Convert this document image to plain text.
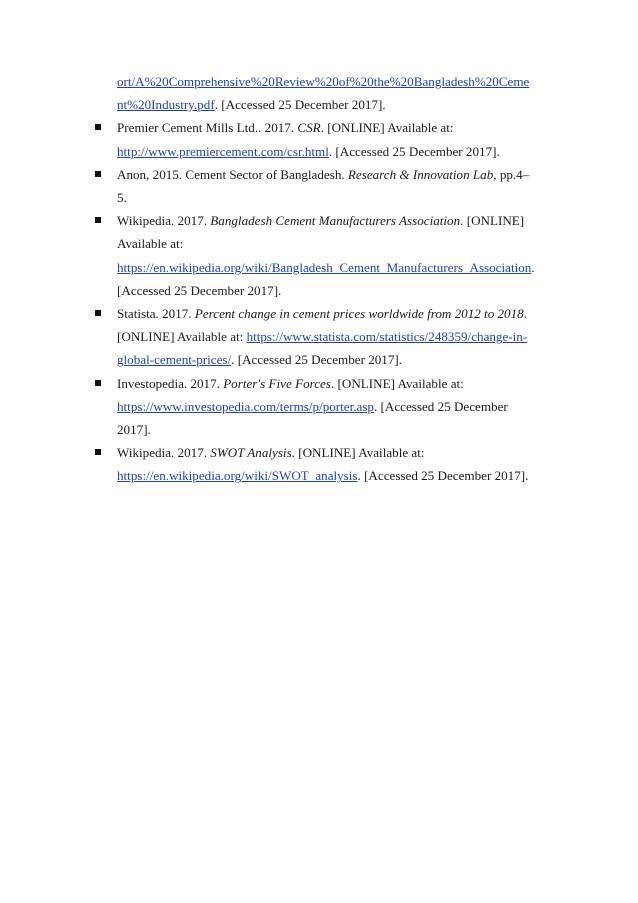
ort/A%20Comprehensive%20Review%20of%20the%20Bangladesh%20Ceme
nt%20Industry.pdf. [Accessed 25 December 2017].
Premier Cement Mills Ltd.. 2017. CSR. [ONLINE] Available at:
http://www.premiercement.com/csr.html. [Accessed 25 December 2017].
Anon, 2015. Cement Sector of Bangladesh. Research & Innovation Lab, pp.4–
5.
Wikipedia. 2017. Bangladesh Cement Manufacturers Association. [ONLINE]
Available at:
https://en.wikipedia.org/wiki/Bangladesh_Cement_Manufacturers_Association.
[Accessed 25 December 2017].
Statista. 2017. Percent change in cement prices worldwide from 2012 to 2018.
[ONLINE] Available at: https://www.statista.com/statistics/248359/change-in-
global-cement-prices/. [Accessed 25 December 2017].
Investopedia. 2017. Porter's Five Forces. [ONLINE] Available at:
https://www.investopedia.com/terms/p/porter.asp. [Accessed 25 December
2017].
Wikipedia. 2017. SWOT Analysis. [ONLINE] Available at:
https://en.wikipedia.org/wiki/SWOT_analysis. [Accessed 25 December 2017].
